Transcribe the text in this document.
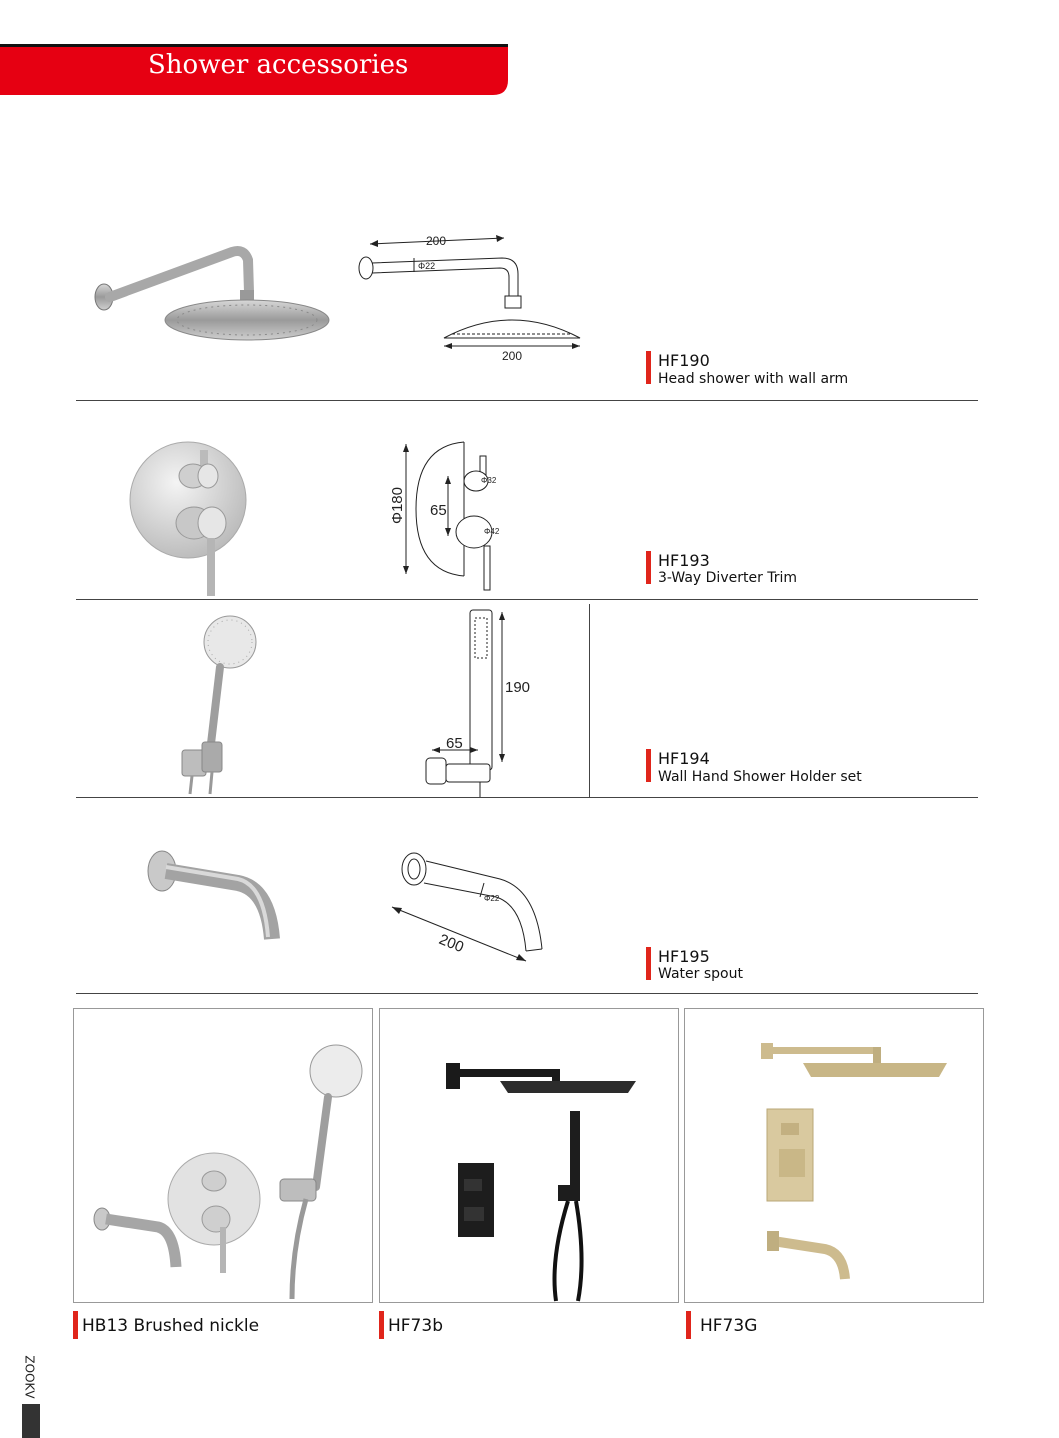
Shower accessories
200
Φ22
200	HF190
Head shower with wall arm
Φ180 65
Φ32
Φ42
HF193
3-Way Diverter Trim
190
65
HF194
Wall Hand Shower Holder set
Φ22
200
HF195
Water spout
HB13 Brushed nickle	HF73b	HF73G
ZOOKV
